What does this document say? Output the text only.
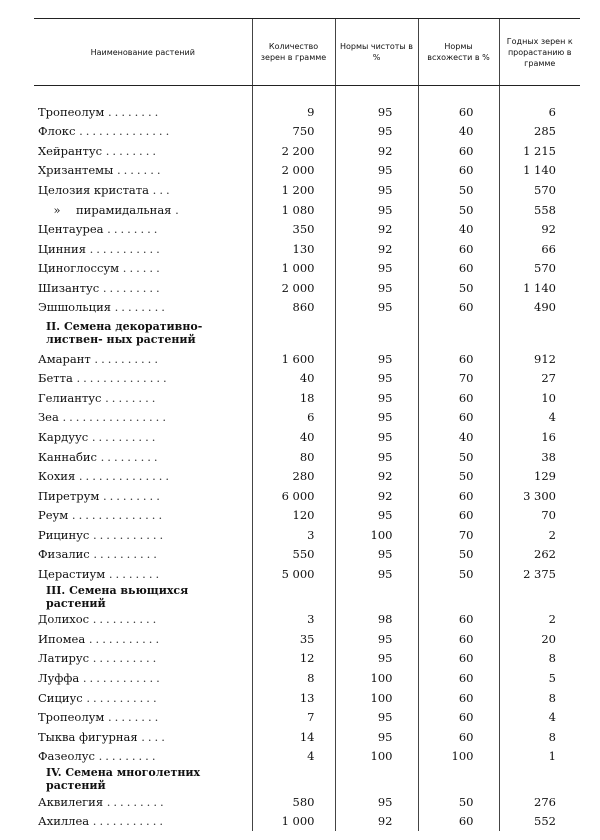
Наименование растений	Количество зерен в грамме	Нормы чистоты в %	Нормы всхожести в %	Годных зерен к прорастанию в грамме

Тропеолум ........	9	95	60	6
Флокс ..............	750	95	40	285
Хейрантус ........	2 200	92	60	1 215
Хризантемы .......	2 000	95	60	1 140
Целозия кристата ...	1 200	95	50	570
» пирамидальная .	1 080	95	50	558
Центауреа ........	350	92	40	92
Цинния ...........	130	92	60	66
Циноглоссум ......	1 000	95	60	570
Шизантус .........	2 000	95	50	1 140
Эшшольция ........	860	95	60	490
II. Семена декоративно-листвен- ных растений				
Амарант ..........	1 600	95	60	912
Бетта ..............	40	95	70	27
Гелиантус ........	18	95	60	10
Зеа ................	6	95	60	4
Кардуус ..........	40	95	40	16
Каннабис .........	80	95	50	38
Кохия ..............	280	92	50	129
Пиретрум .........	6 000	92	60	3 300
Реум ..............	120	95	60	70
Рицинус ...........	3	100	70	2
Физалис ..........	550	95	50	262
Церастиум ........	5 000	95	50	2 375
III. Семена вьющихся растений				
Долихос ..........	3	98	60	2
Ипомеа ...........	35	95	60	20
Латирус ..........	12	95	60	8
Луффа ............	8	100	60	5
Сициус ...........	13	100	60	8
Тропеолум ........	7	95	60	4
Тыква фигурная ....	14	95	60	8
Фазеолус .........	4	100	100	1
IV. Семена многолетних растений				
Аквилегия .........	580	95	50	276
Ахиллеа ...........	1 000	92	60	552
